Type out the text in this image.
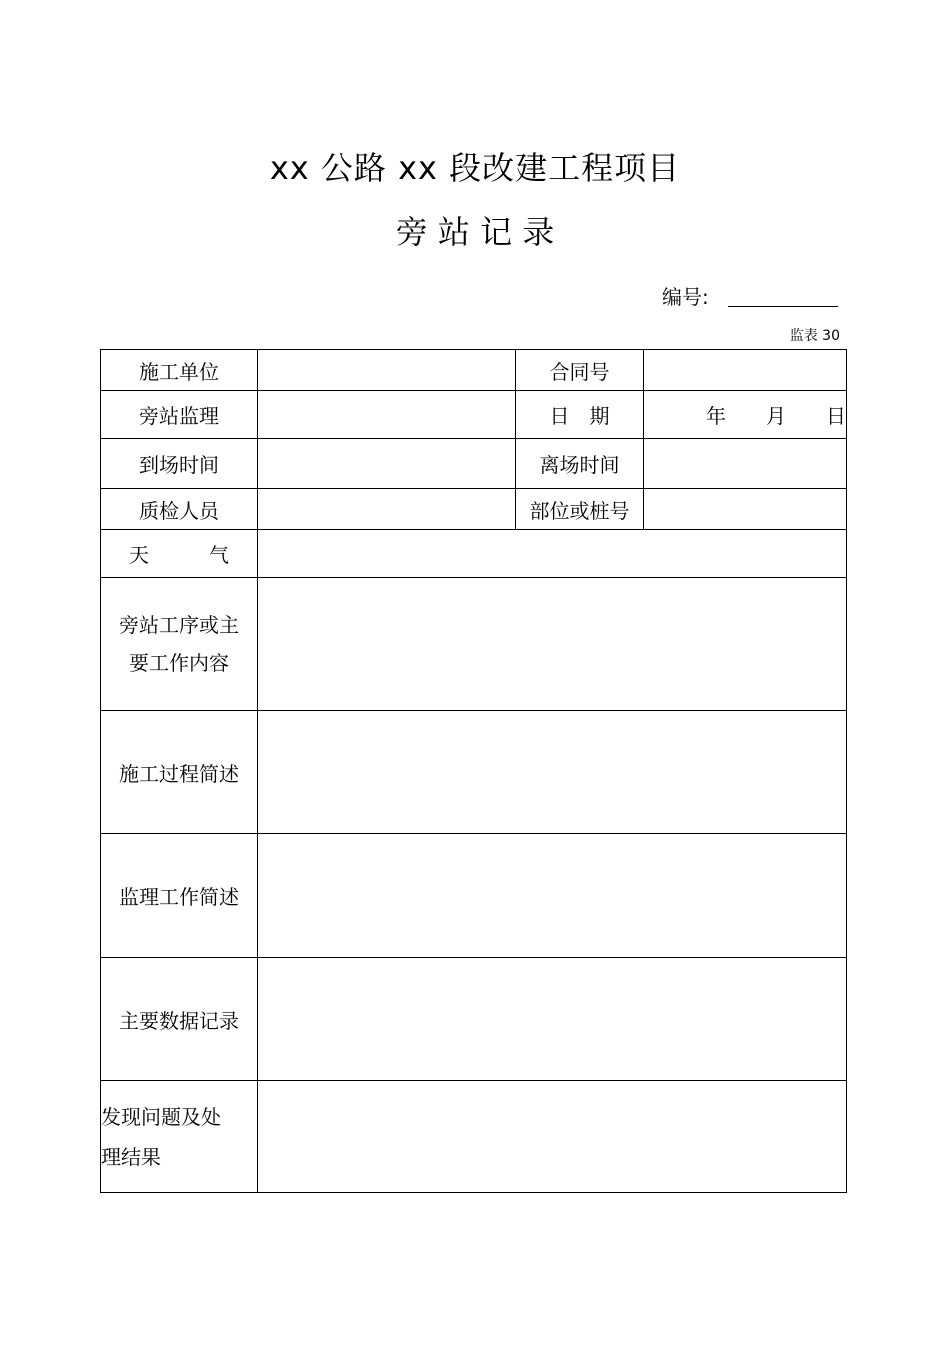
xx 公路 xx 段改建工程项目
旁 站 记 录
编号:
监表 30
施工单位		合同号	
旁站监理		日　期	年　　月　　日
到场时间		离场时间	
质检人员		部位或桩号	
天　　　气			

旁站工序或主
要工作内容			

施工过程简述			
监理工作简述			
主要数据记录			

发现问题及处
理结果			
